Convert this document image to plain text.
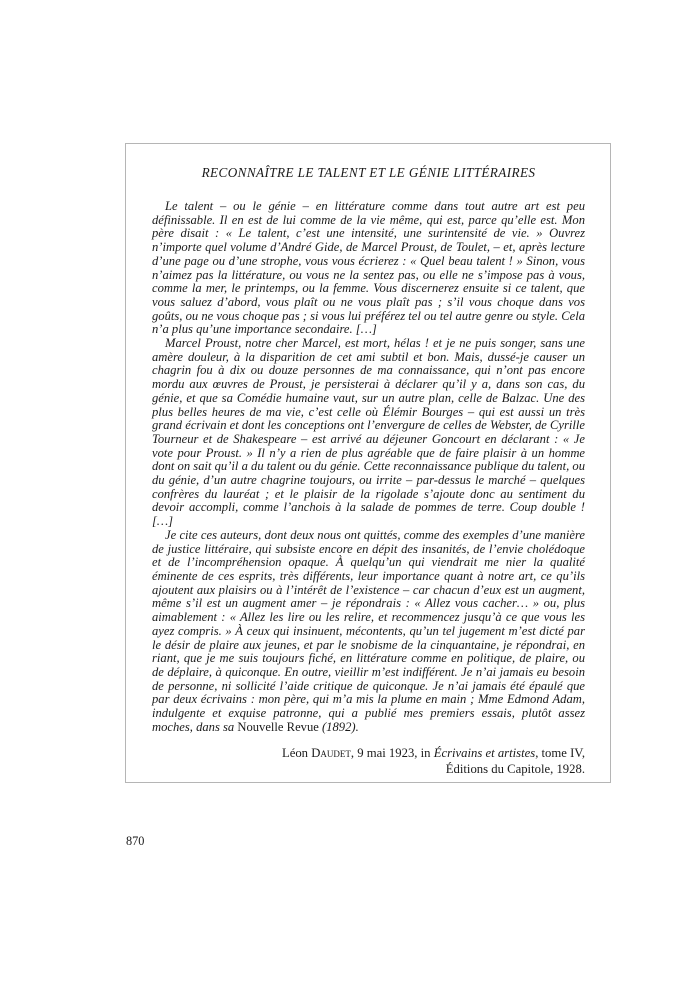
RECONNAÎTRE LE TALENT ET LE GÉNIE LITTÉRAIRES

Le talent – ou le génie – en littérature comme dans tout autre art est peu définissable. Il en est de lui comme de la vie même, qui est, parce qu’elle est. Mon père disait : « Le talent, c’est une intensité, une surintensité de vie. » Ouvrez n’importe quel volume d’André Gide, de Marcel Proust, de Toulet, – et, après lecture d’une page ou d’une strophe, vous vous écrierez : « Quel beau talent ! » Sinon, vous n’aimez pas la littérature, ou vous ne la sentez pas, ou elle ne s’impose pas à vous, comme la mer, le printemps, ou la femme. Vous discernerez ensuite si ce talent, que vous saluez d’abord, vous plaît ou ne vous plaît pas ; s’il vous choque dans vos goûts, ou ne vous choque pas ; si vous lui préférez tel ou tel autre genre ou style. Cela n’a plus qu’une importance secondaire. […]

Marcel Proust, notre cher Marcel, est mort, hélas ! et je ne puis songer, sans une amère douleur, à la disparition de cet ami subtil et bon. Mais, dussé-je causer un chagrin fou à dix ou douze personnes de ma connaissance, qui n’ont pas encore mordu aux œuvres de Proust, je persisterai à déclarer qu’il y a, dans son cas, du génie, et que sa Comédie humaine vaut, sur un autre plan, celle de Balzac. Une des plus belles heures de ma vie, c’est celle où Élémir Bourges – qui est aussi un très grand écrivain et dont les conceptions ont l’envergure de celles de Webster, de Cyrille Tourneur et de Shakespeare – est arrivé au déjeuner Goncourt en déclarant : « Je vote pour Proust. » Il n’y a rien de plus agréable que de faire plaisir à un homme dont on sait qu’il a du talent ou du génie. Cette reconnaissance publique du talent, ou du génie, d’un autre chagrine toujours, ou irrite – par-dessus le marché – quelques confrères du lauréat ; et le plaisir de la rigolade s’ajoute donc au sentiment du devoir accompli, comme l’anchois à la salade de pommes de terre. Coup double ! […]

Je cite ces auteurs, dont deux nous ont quittés, comme des exemples d’une manière de justice littéraire, qui subsiste encore en dépit des insanités, de l’envie cholédoque et de l’incompréhension opaque. À quelqu’un qui viendrait me nier la qualité éminente de ces esprits, très différents, leur importance quant à notre art, ce qu’ils ajoutent aux plaisirs ou à l’intérêt de l’existence – car chacun d’eux est un augment, même s’il est un augment amer – je répondrais : « Allez vous cacher… » ou, plus aimablement : « Allez les lire ou les relire, et recommencez jusqu’à ce que vous les ayez compris. » À ceux qui insinuent, mécontents, qu’un tel jugement m’est dicté par le désir de plaire aux jeunes, et par le snobisme de la cinquantaine, je répondrai, en riant, que je me suis toujours fiché, en littérature comme en politique, de plaire, ou de déplaire, à quiconque. En outre, vieillir m’est indifférent. Je n’ai jamais eu besoin de personne, ni sollicité l’aide critique de quiconque. Je n’ai jamais été épaulé que par deux écrivains : mon père, qui m’a mis la plume en main ; Mme Edmond Adam, indulgente et exquise patronne, qui a publié mes premiers essais, plutôt assez moches, dans sa Nouvelle Revue (1892).

Léon Daudet, 9 mai 1923, in Écrivains et artistes, tome IV,
Éditions du Capitole, 1928.
870
